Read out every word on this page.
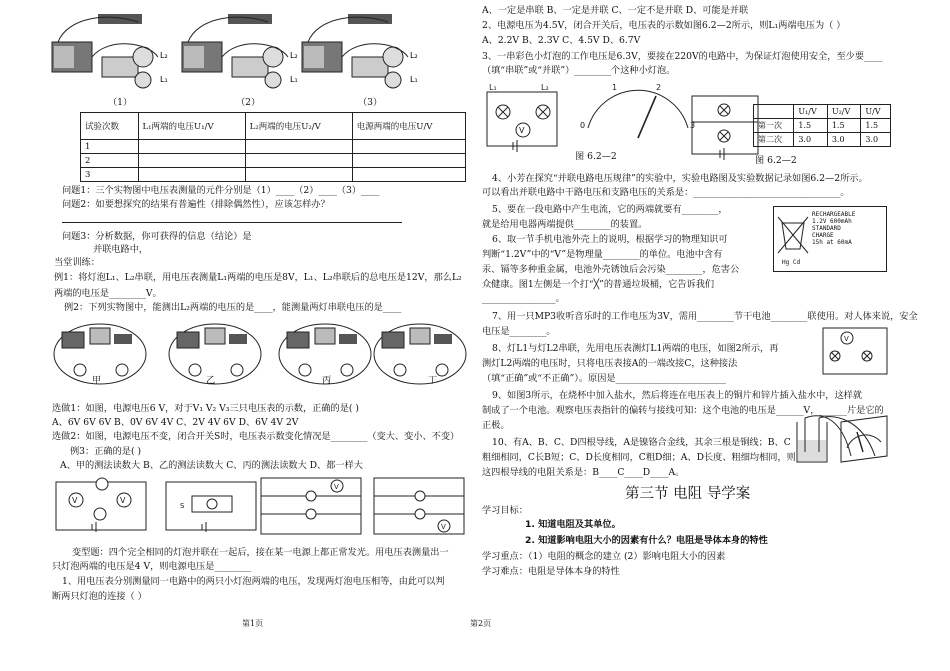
L₁
L₂
L₁
L₂
L₁
L₂
（1）	（2）	（3）
试验次数	L₁两端的电压U₁/V	L₂两端的电压U₂/V	电源两端的电压U/V
1			
2			
3			
问题1：三个实物图中电压表测量的元件分别是（1）____（2）____（3）____
问题2：如要想探究的结果有普遍性（排除偶然性），应该怎样办？
问题3：分析数据，你可获得的信息（结论）是
并联电路中，
当堂训练：
例1：将灯泡L₁、L₂串联，用电压表测量L₁两端的电压是8V，L₁、L₂串联后的总电压是12V，那么L₂
两端的电压是________V。
例2：下列实物图中，能测出L₂两端的电压的是____，能测量两灯串联电压的是____
甲	乙	丙	丁
选做1：如图，电源电压6 V，对于V₁ V₂ V₃三只电压表的示数，正确的是( )
A、6V 6V 6V B、0V 6V 4V C、2V 4V 6V D、6V 4V 2V
选做2：如图，电源电压不变，闭合开关S时，电压表示数变化情况是________（变大、变小、不变）
例3：正确的是( )
A、甲的测法读数大 B、乙的测法读数大 C、丙的测法读数大 D、都一样大
V	V
S
V
V
变型题：四个完全相同的灯泡并联在一起后，接在某一电源上都正常发光。用电压表测量出一
只灯泡两端的电压是4 V，则电源电压是________
1、用电压表分别测量同一电路中的两只小灯泡两端的电压，发现两灯泡电压相等，由此可以判
断两只灯泡的连接（ ）
第1页
A、一定是串联 B、一定是并联 C、一定不是并联 D、可能是并联
2、电源电压为4.5V，闭合开关后，电压表的示数如图6.2—2所示，则L₁两端电压为（ ）
A、2.2V B、2.3V C、4.5V D、6.7V
3、一串彩色小灯泡的工作电压是6.3V，要接在220V的电路中，为保证灯泡使用安全，至少要____
（填“串联”或“并联”）________个这种小灯泡。
V
L₁	L₂
0
1	2
3
图 6.2—2	图 6.2—2
	U₁/V	U₂/V	U/V
第一次	1.5	1.5	1.5
第二次	3.0	3.0	3.0
4、小芳在探究“并联电路电压规律”的实验中，实验电路图及实验数据记录如图6.2—2所示。
可以看出并联电路中干路电压和支路电压的关系是：________________________________。
5、要在一段电路中产生电流，它的两端就要有________，
就是给用电器两端提供________的装置。
6、取一节手机电池外壳上的说明，根据学习的物理知识可
判断“1.2V”中的“V”是物理量________的单位。电池中含有
汞、镉等多种重金属，电池外壳锈蚀后会污染________，危害公
众健康。图1左侧是一个打“╳”的普通垃圾桶，它告诉我们
________________。
RECHARGEABLE
1.2V 600mAh
STANDARD
CHARGE
15h at 60mA
Hg Cd
7、用一只MP3收听音乐时的工作电压为3V，需用________节干电池________联使用。对人体来说，安全
电压是________。
8、灯L1与灯L2串联，先用电压表测灯L1两端的电压，如图2所示，再
测灯L2两端的电压时，只将电压表接A的一端改接C，这种接法
（填“正确”或“不正确”）。原因是________________________
V
9、如图3所示，在烧杯中加入盐水，然后将连在电压表上的铜片和锌片插入盐水中，这样就
制成了一个电池。观察电压表指针的偏转与接线可知：这个电池的电压是______V，______片是它的
正极。
10、有A、B、C、D四根导线，A是镍铬合金线，其余三根是铜线；B、C
粗细相同，C长B短；C、D长度相同，C粗D细；A、D长度、粗细均相同，则
这四根导线的电阻关系是：B____C____D____A。
第三节 电阻 导学案
学习目标：
1. 知道电阻及其单位。
2. 知道影响电阻大小的因素有什么？电阻是导体本身的特性
学习重点：（1）电阻的概念的建立 (2）影响电阻大小的因素
学习难点：电阻是导体本身的特性
第2页
